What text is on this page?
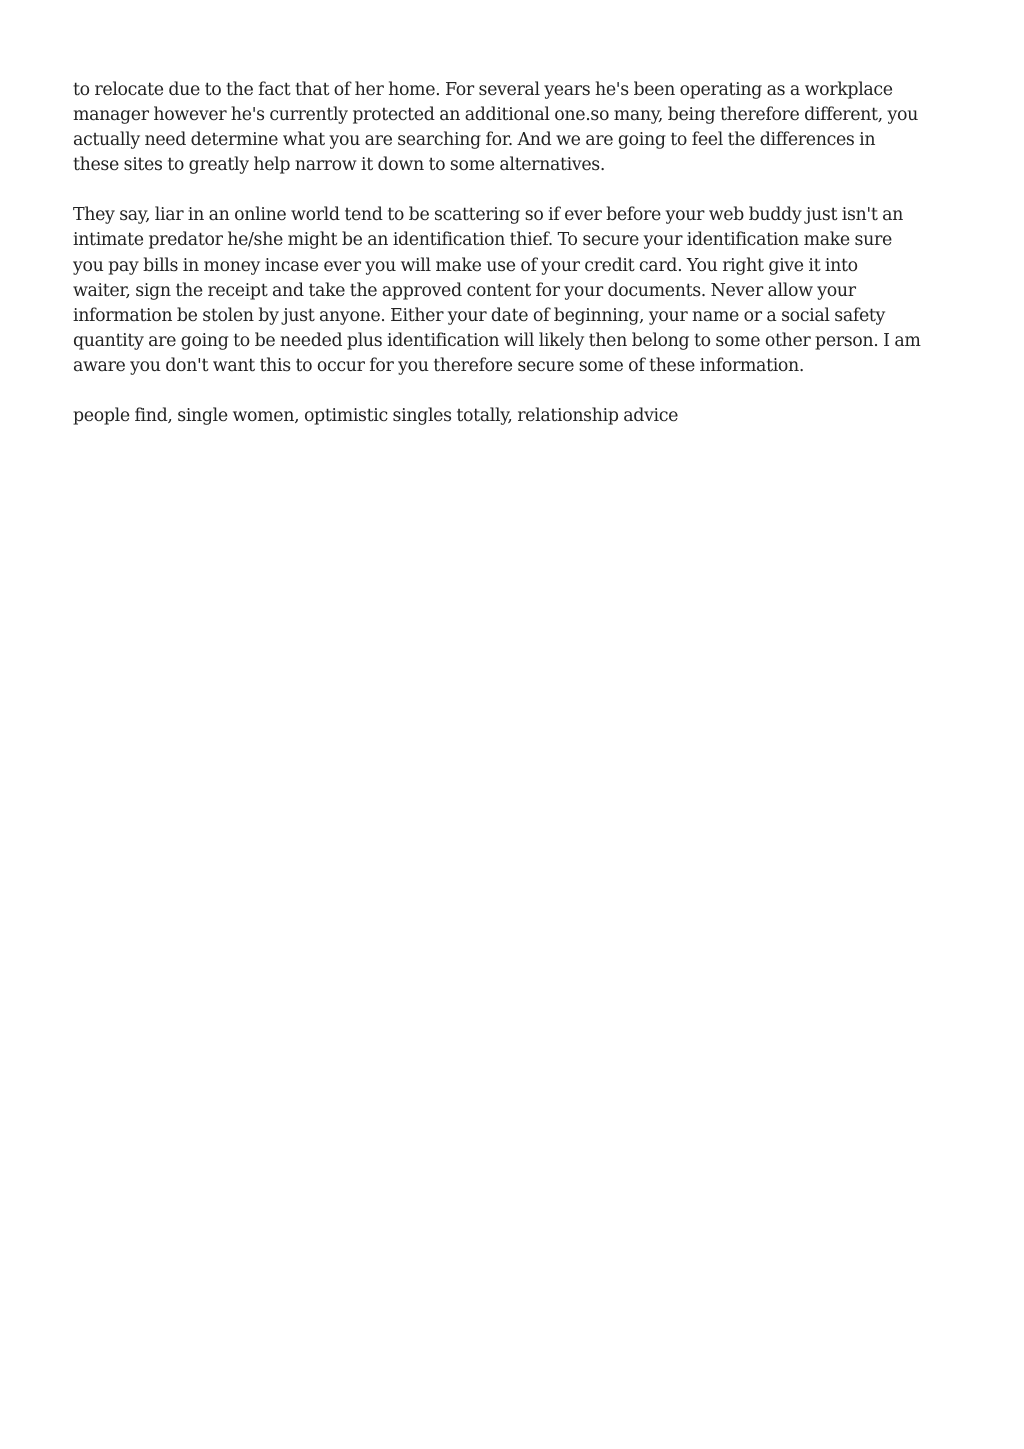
to relocate due to the fact that of her home. For several years he's been operating as a workplace
manager however he's currently protected an additional one.so many, being therefore different, you
actually need determine what you are searching for. And we are going to feel the differences in
these sites to greatly help narrow it down to some alternatives.

They say, liar in an online world tend to be scattering so if ever before your web buddy just isn't an
intimate predator he/she might be an identification thief. To secure your identification make sure
you pay bills in money incase ever you will make use of your credit card. You right give it into
waiter, sign the receipt and take the approved content for your documents. Never allow your
information be stolen by just anyone. Either your date of beginning, your name or a social safety
quantity are going to be needed plus identification will likely then belong to some other person. I am
aware you don't want this to occur for you therefore secure some of these information.

people find, single women, optimistic singles totally, relationship advice
